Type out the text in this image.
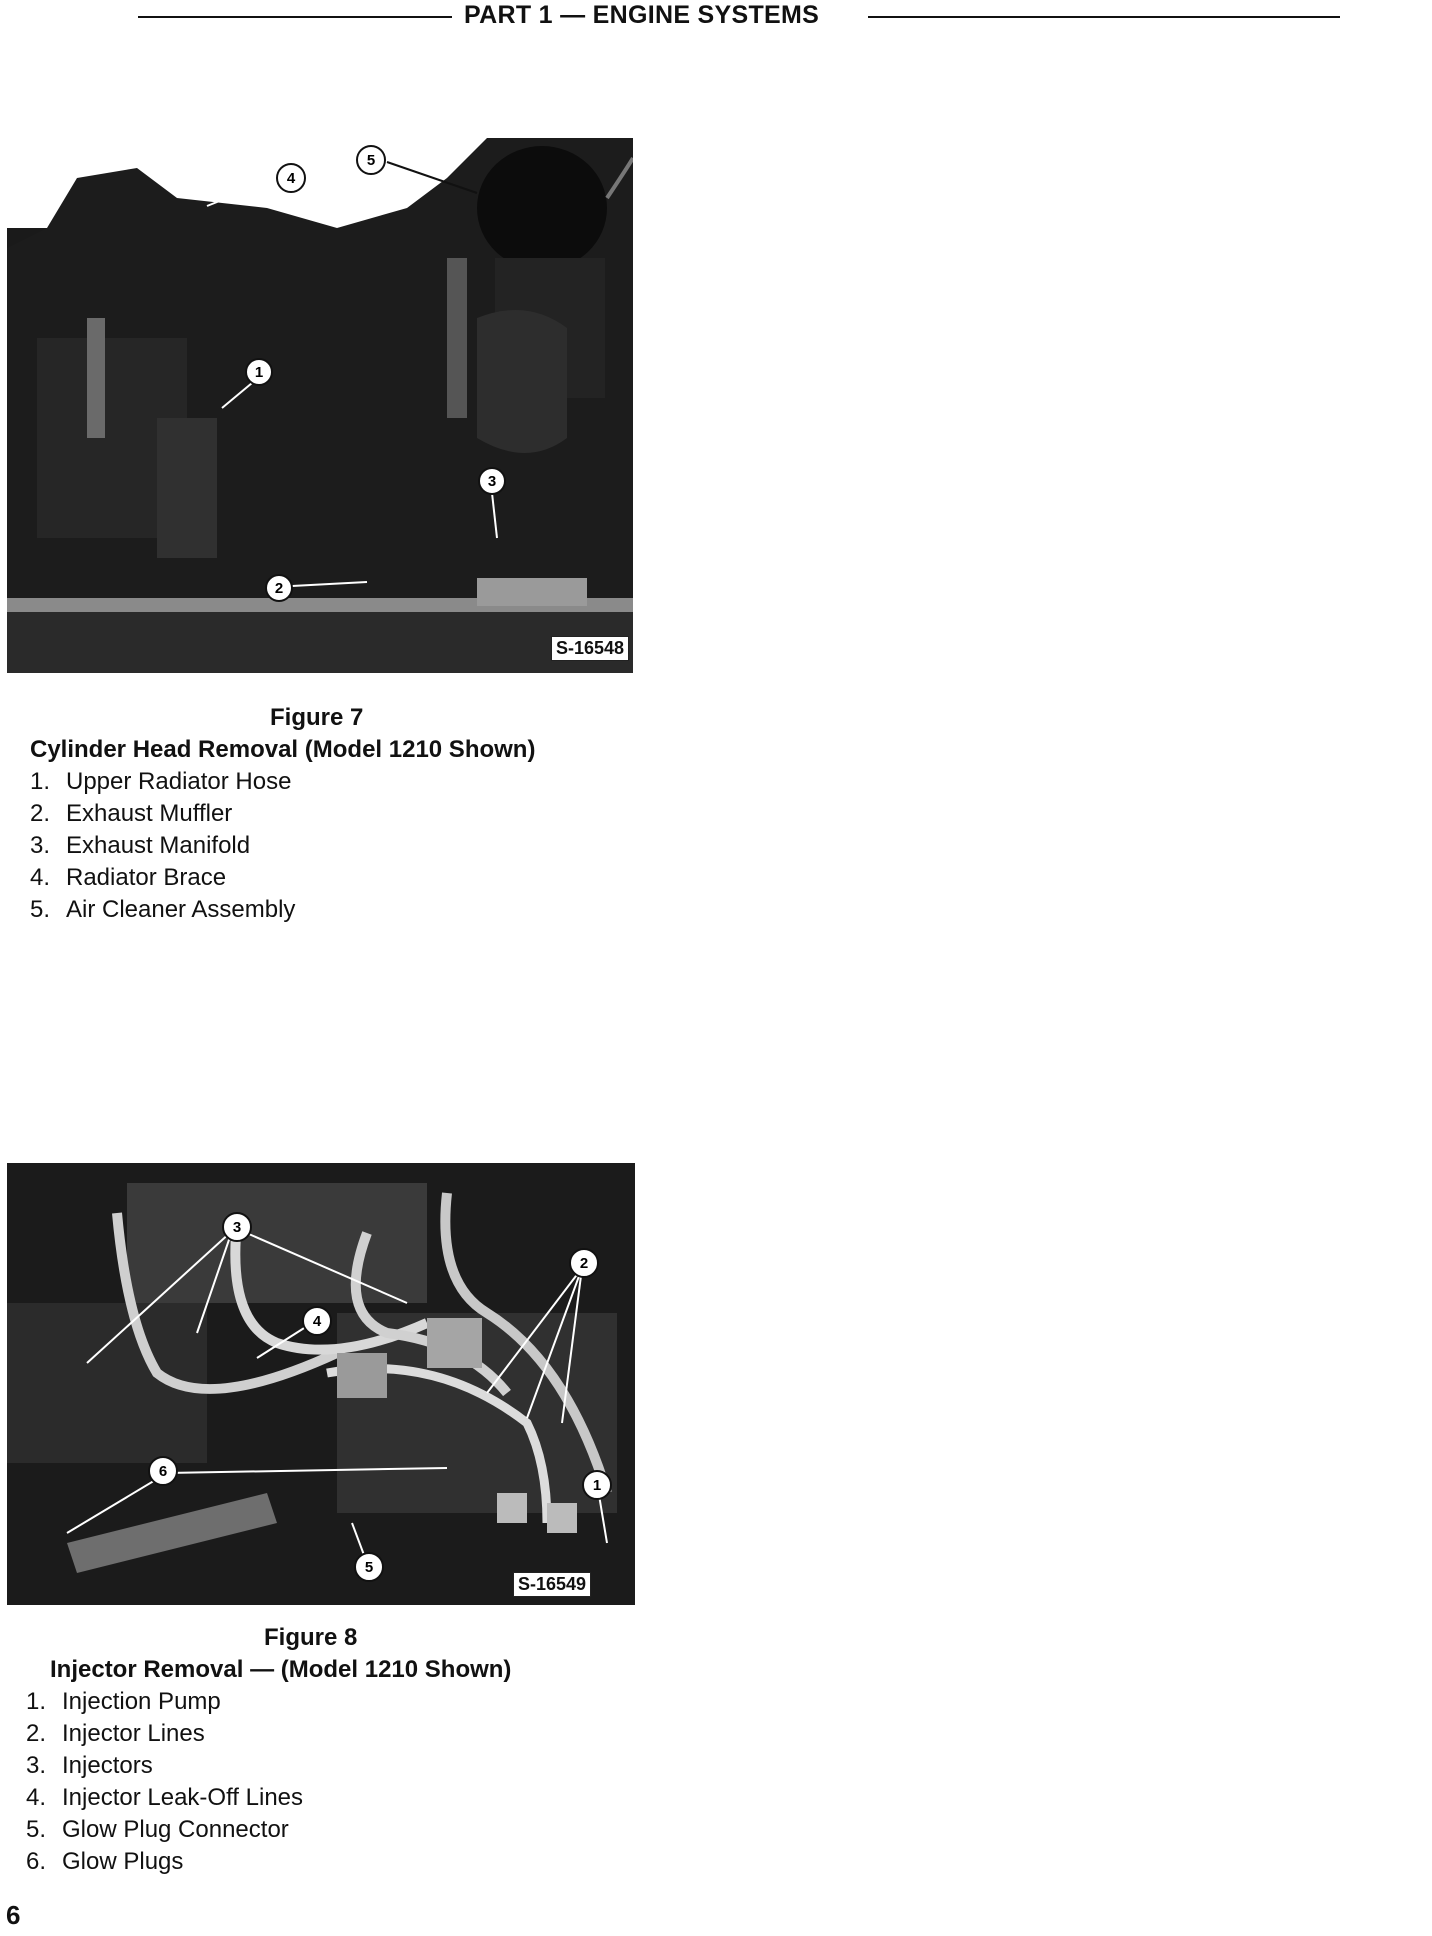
PART 1 — ENGINE SYSTEMS
4
5
1
3
2
S-16548
Figure 7
Cylinder Head Removal (Model 1210 Shown)
1. Upper Radiator Hose
2. Exhaust Muffler
3. Exhaust Manifold
4. Radiator Brace
5. Air Cleaner Assembly
3
2
4
6
1
5
S-16549
Figure 8
Injector Removal — (Model 1210 Shown)
1. Injection Pump
2. Injector Lines
3. Injectors
4. Injector Leak-Off Lines
5. Glow Plug Connector
6. Glow Plugs
6
